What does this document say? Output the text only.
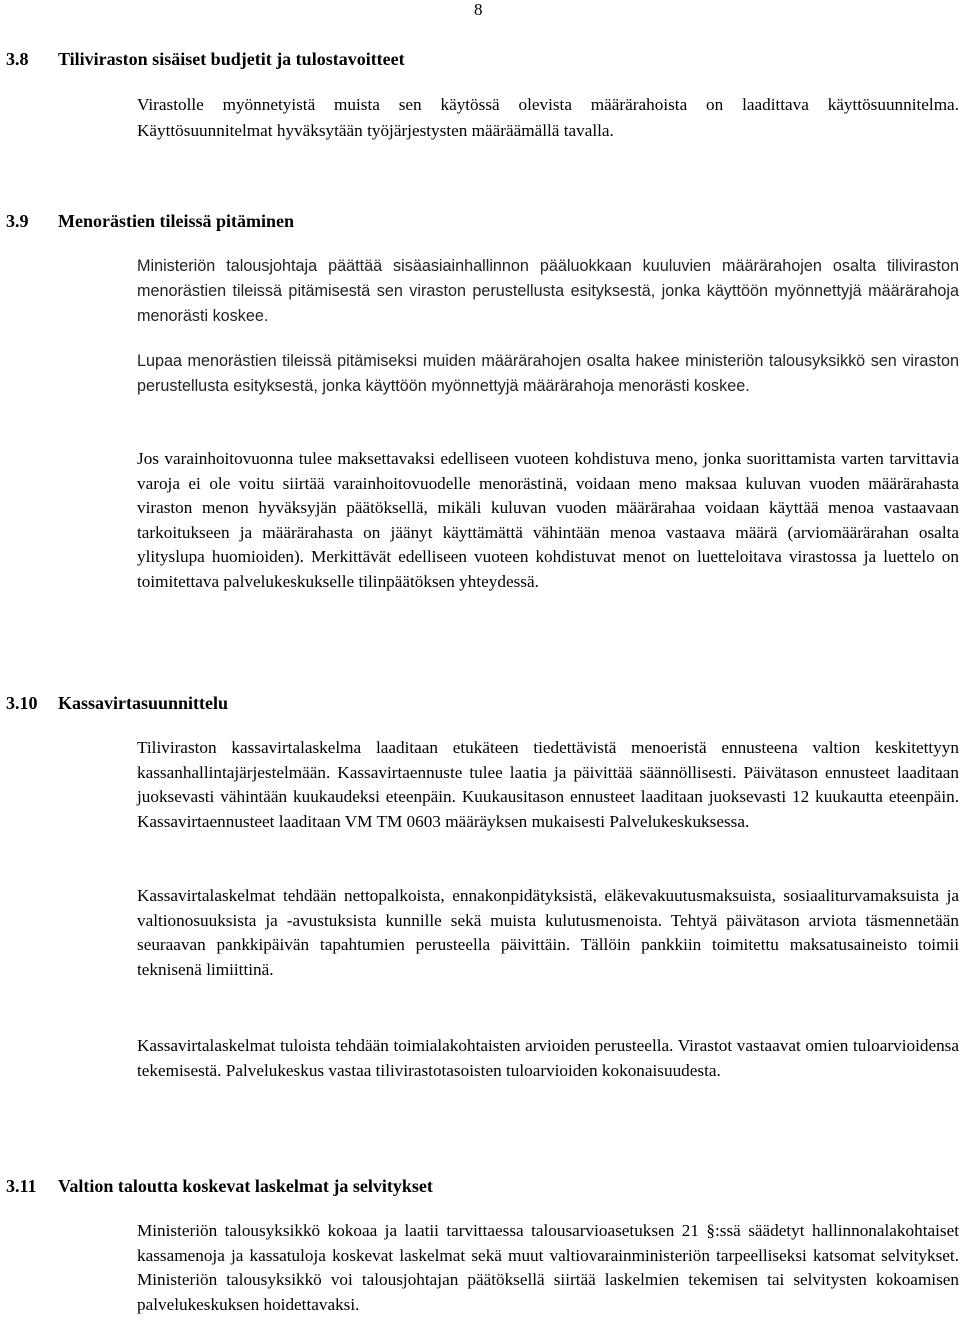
8
3.8 Tiliviraston sisäiset budjetit ja tulostavoitteet
Virastolle myönnetyistä muista sen käytössä olevista määrärahoista on laadittava käyttösuunnitelma. Käyttösuunnitelmat hyväksytään työjärjestysten määräämällä tavalla.
3.9 Menorästien tileissä pitäminen
Ministeriön talousjohtaja päättää sisäasiainhallinnon pääluokkaan kuuluvien määrärahojen osalta tiliviraston menorästien tileissä pitämisestä sen viraston perustellusta esityksestä, jonka käyttöön myönnettyjä määrärahoja menorästi koskee.
Lupaa menorästien tileissä pitämiseksi muiden määrärahojen osalta hakee ministeriön talousyksikkö sen viraston perustellusta esityksestä, jonka käyttöön myönnettyjä määrärahoja menorästi koskee.
Jos varainhoitovuonna tulee maksettavaksi edelliseen vuoteen kohdistuva meno, jonka suorittamista varten tarvittavia varoja ei ole voitu siirtää varainhoitovuodelle menorästinä, voidaan meno maksaa kuluvan vuoden määrärahasta viraston menon hyväksyjän päätöksellä, mikäli kuluvan vuoden määrärahaa voidaan käyttää menoa vastaavaan tarkoitukseen ja määrärahasta on jäänyt käyttämättä vähintään menoa vastaava määrä (arviomäärärahan osalta ylityslupa huomioiden). Merkittävät edelliseen vuoteen kohdistuvat menot on luetteloitava virastossa ja luettelo on toimitettava palvelukeskukselle tilinpäätöksen yhteydessä.
3.10 Kassavirtasuunnittelu
Tiliviraston kassavirtalaskelma laaditaan etukäteen tiedettävistä menoeristä ennusteena valtion keskitettyyn kassanhallintajärjestelmään. Kassavirtaennuste tulee laatia ja päivittää säännöllisesti. Päivätason ennusteet laaditaan juoksevasti vähintään kuukaudeksi eteenpäin. Kuukausitason ennusteet laaditaan juoksevasti 12 kuukautta eteenpäin. Kassavirtaennusteet laaditaan VM TM 0603 määräyksen mukaisesti Palvelukeskuksessa.
Kassavirtalaskelmat tehdään nettopalkoista, ennakonpidätyksistä, eläkevakuutusmaksuista, sosiaaliturvamaksuista ja valtionosuuksista ja -avustuksista kunnille sekä muista kulutusmenoista. Tehtyä päivätason arviota täsmennetään seuraavan pankkipäivän tapahtumien perusteella päivittäin. Tällöin pankkiin toimitettu maksatusaineisto toimii teknisenä limiittinä.
Kassavirtalaskelmat tuloista tehdään toimialakohtaisten arvioiden perusteella. Virastot vastaavat omien tuloarvioidensa tekemisestä. Palvelukeskus vastaa tilivirastotasoisten tuloarvioiden kokonaisuudesta.
3.11 Valtion taloutta koskevat laskelmat ja selvitykset
Ministeriön talousyksikkö kokoaa ja laatii tarvittaessa talousarvioasetuksen 21 §:ssä säädetyt hallinnonalakohtaiset kassamenoja ja kassatuloja koskevat laskelmat sekä muut valtiovarainministeriön tarpeelliseksi katsomat selvitykset. Ministeriön talousyksikkö voi talousjohtajan päätöksellä siirtää laskelmien tekemisen tai selvitysten kokoamisen palvelukeskuksen hoidettavaksi.
